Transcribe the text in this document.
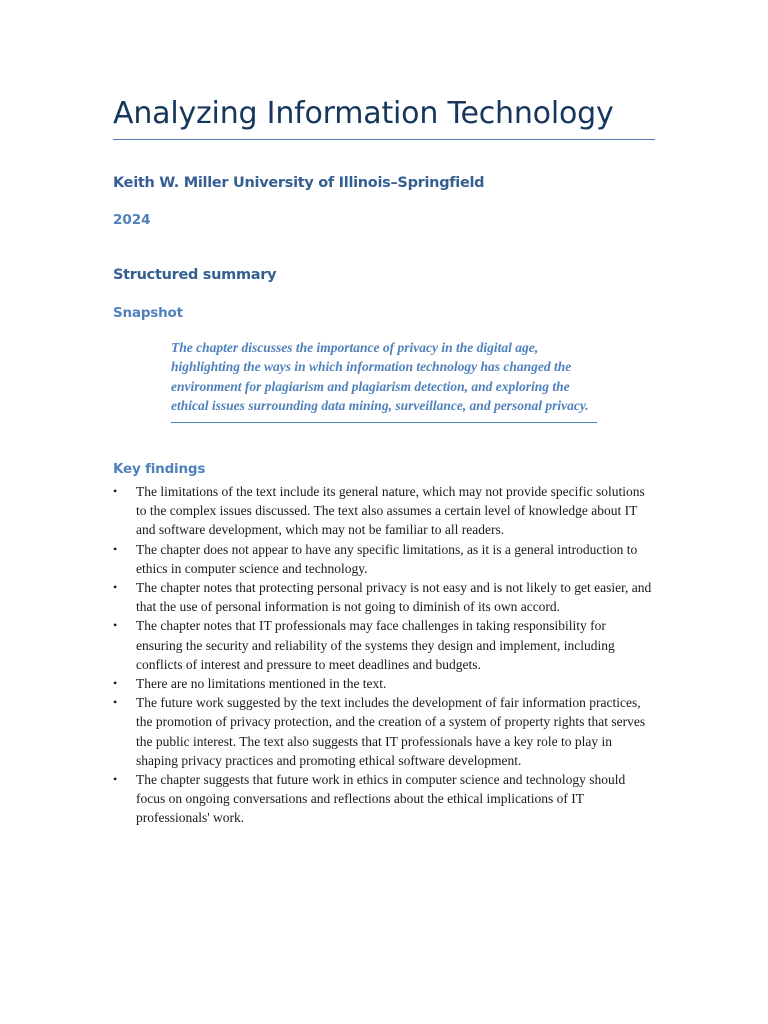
Analyzing Information Technology

Keith W. Miller University of Illinois–Springfield

2024

Structured summary
Snapshot

The chapter discusses the importance of privacy in the digital age, highlighting the ways in which information technology has changed the environment for plagiarism and plagiarism detection, and exploring the ethical issues surrounding data mining, surveillance, and personal privacy.

Key findings
•	The limitations of the text include its general nature, which may not provide specific solutions to the complex issues discussed. The text also assumes a certain level of knowledge about IT and software development, which may not be familiar to all readers.
•	The chapter does not appear to have any specific limitations, as it is a general introduction to ethics in computer science and technology.
•	The chapter notes that protecting personal privacy is not easy and is not likely to get easier, and that the use of personal information is not going to diminish of its own accord.
•	The chapter notes that IT professionals may face challenges in taking responsibility for ensuring the security and reliability of the systems they design and implement, including conflicts of interest and pressure to meet deadlines and budgets.
•	There are no limitations mentioned in the text.
•	The future work suggested by the text includes the development of fair information practices, the promotion of privacy protection, and the creation of a system of property rights that serves the public interest. The text also suggests that IT professionals have a key role to play in shaping privacy practices and promoting ethical software development.
•	The chapter suggests that future work in ethics in computer science and technology should focus on ongoing conversations and reflections about the ethical implications of IT professionals' work.
